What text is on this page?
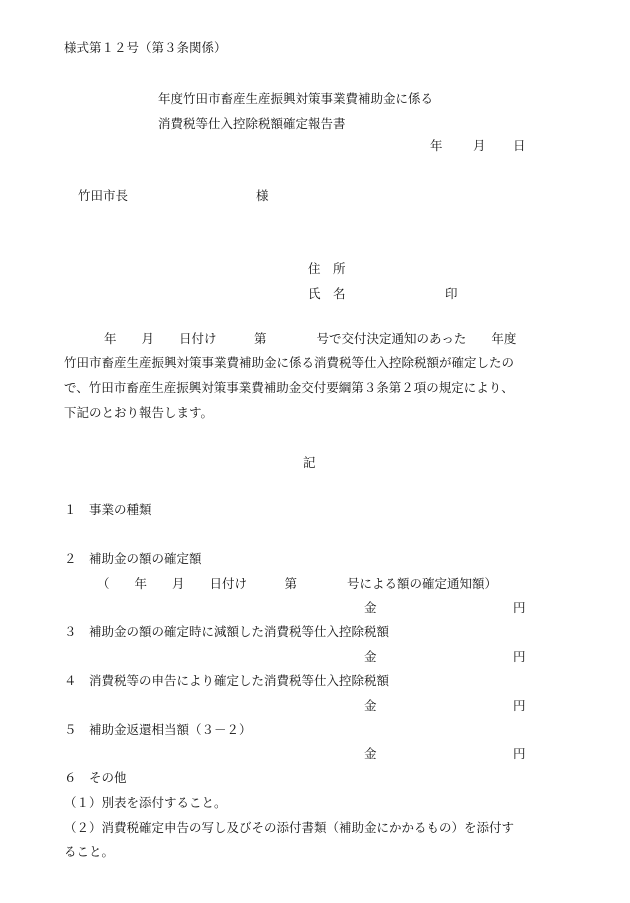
様式第１２号（第３条関係）
年度竹田市畜産生産振興対策事業費補助金に係る
消費税等仕入控除税額確定報告書
年 月 日
竹田市長	様
住　所
氏　名	印
年　　月　　日付け　　　第　　　　号で交付決定通知のあった　　年度
竹田市畜産生産振興対策事業費補助金に係る消費税等仕入控除税額が確定したの
で、竹田市畜産生産振興対策事業費補助金交付要綱第３条第２項の規定により、
下記のとおり報告します。
記
１　事業の種類
２　補助金の額の確定額
（　　年　　月　　日付け　　　第　　　　号による額の確定通知額）
金	円
３　補助金の額の確定時に減額した消費税等仕入控除税額
金	円
４　消費税等の申告により確定した消費税等仕入控除税額
金	円
５　補助金返還相当額（３－２）
金	円
６　その他
（１）別表を添付すること。
（２）消費税確定申告の写し及びその添付書類（補助金にかかるもの）を添付す
ること。
